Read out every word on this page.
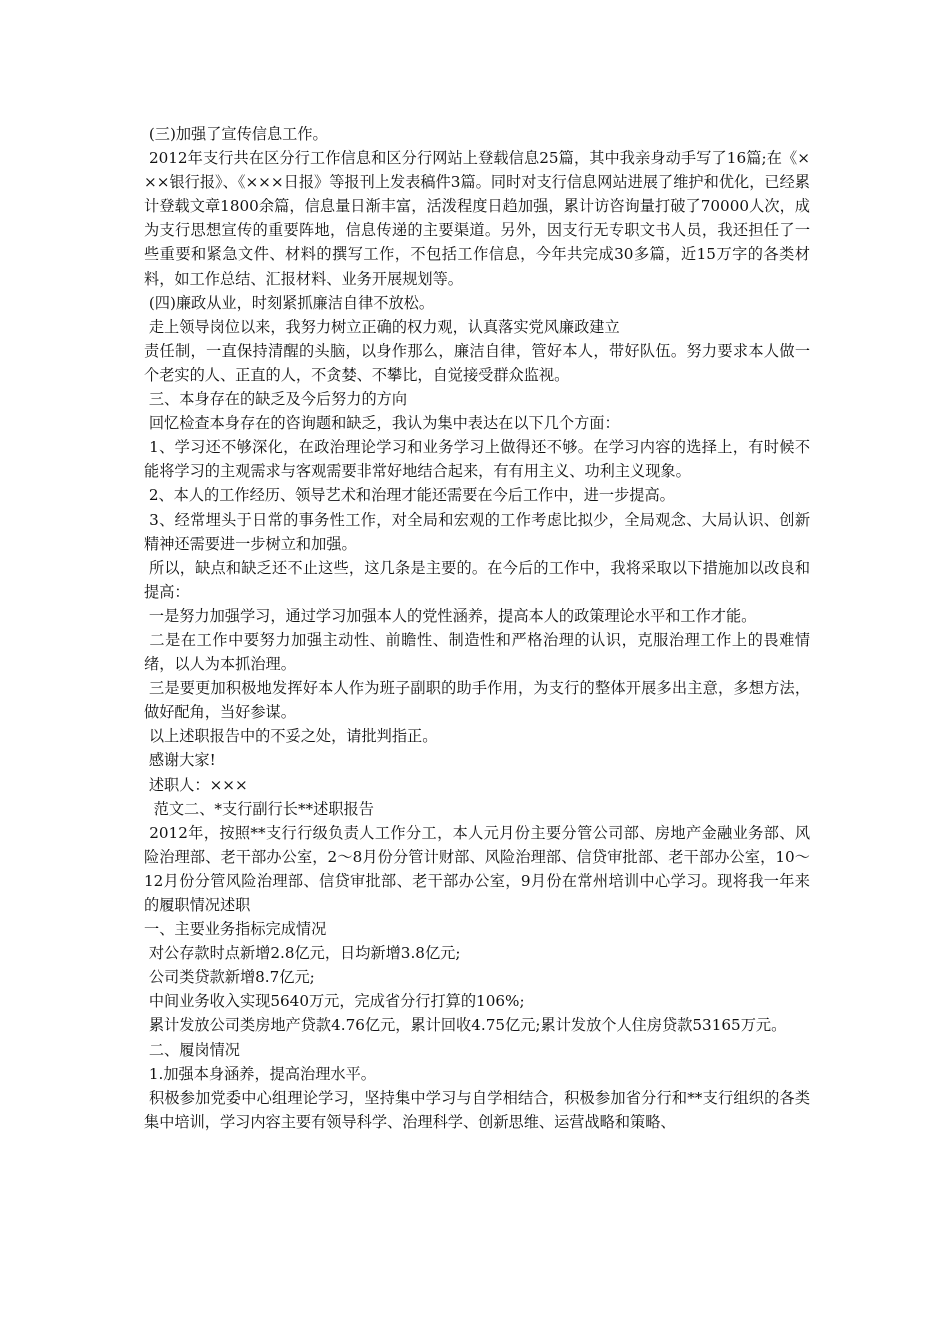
(三)加强了宣传信息工作。

2012年支行共在区分行工作信息和区分行网站上登载信息25篇，其中我亲身动手写了16篇;在《×××银行报》、《×××日报》等报刊上发表稿件3篇。同时对支行信息网站进展了维护和优化，已经累计登载文章1800余篇，信息量日渐丰富，活泼程度日趋加强，累计访咨询量打破了70000人次，成为支行思想宣传的重要阵地，信息传递的主要渠道。另外，因支行无专职文书人员，我还担任了一些重要和紧急文件、材料的撰写工作，不包括工作信息，今年共完成30多篇，近15万字的各类材料，如工作总结、汇报材料、业务开展规划等。

(四)廉政从业，时刻紧抓廉洁自律不放松。

走上领导岗位以来，我努力树立正确的权力观，认真落实党风廉政建立

责任制，一直保持清醒的头脑，以身作那么，廉洁自律，管好本人，带好队伍。努力要求本人做一个老实的人、正直的人，不贪婪、不攀比，自觉接受群众监视。

三、本身存在的缺乏及今后努力的方向

回忆检查本身存在的咨询题和缺乏，我认为集中表达在以下几个方面：

1、学习还不够深化，在政治理论学习和业务学习上做得还不够。在学习内容的选择上，有时候不能将学习的主观需求与客观需要非常好地结合起来，有有用主义、功利主义现象。

2、本人的工作经历、领导艺术和治理才能还需要在今后工作中，进一步提高。

3、经常埋头于日常的事务性工作，对全局和宏观的工作考虑比拟少，全局观念、大局认识、创新精神还需要进一步树立和加强。

所以，缺点和缺乏还不止这些，这几条是主要的。在今后的工作中，我将采取以下措施加以改良和提高：

一是努力加强学习，通过学习加强本人的党性涵养，提高本人的政策理论水平和工作才能。

二是在工作中要努力加强主动性、前瞻性、制造性和严格治理的认识，克服治理工作上的畏难情绪，以人为本抓治理。

三是要更加积极地发挥好本人作为班子副职的助手作用，为支行的整体开展多出主意，多想方法，做好配角，当好参谋。

以上述职报告中的不妥之处，请批判指正。

感谢大家!

述职人：×××

范文二、*支行副行长**述职报告

2012年，按照**支行行级负责人工作分工，本人元月份主要分管公司部、房地产金融业务部、风险治理部、老干部办公室，2～8月份分管计财部、风险治理部、信贷审批部、老干部办公室，10～12月份分管风险治理部、信贷审批部、老干部办公室，9月份在常州培训中心学习。现将我一年来的履职情况述职

一、主要业务指标完成情况

对公存款时点新增2.8亿元，日均新增3.8亿元;

公司类贷款新增8.7亿元;

中间业务收入实现5640万元，完成省分行打算的106%;

累计发放公司类房地产贷款4.76亿元，累计回收4.75亿元;累计发放个人住房贷款53165万元。

二、履岗情况

1.加强本身涵养，提高治理水平。

积极参加党委中心组理论学习，坚持集中学习与自学相结合，积极参加省分行和**支行组织的各类集中培训，学习内容主要有领导科学、治理科学、创新思维、运营战略和策略、
